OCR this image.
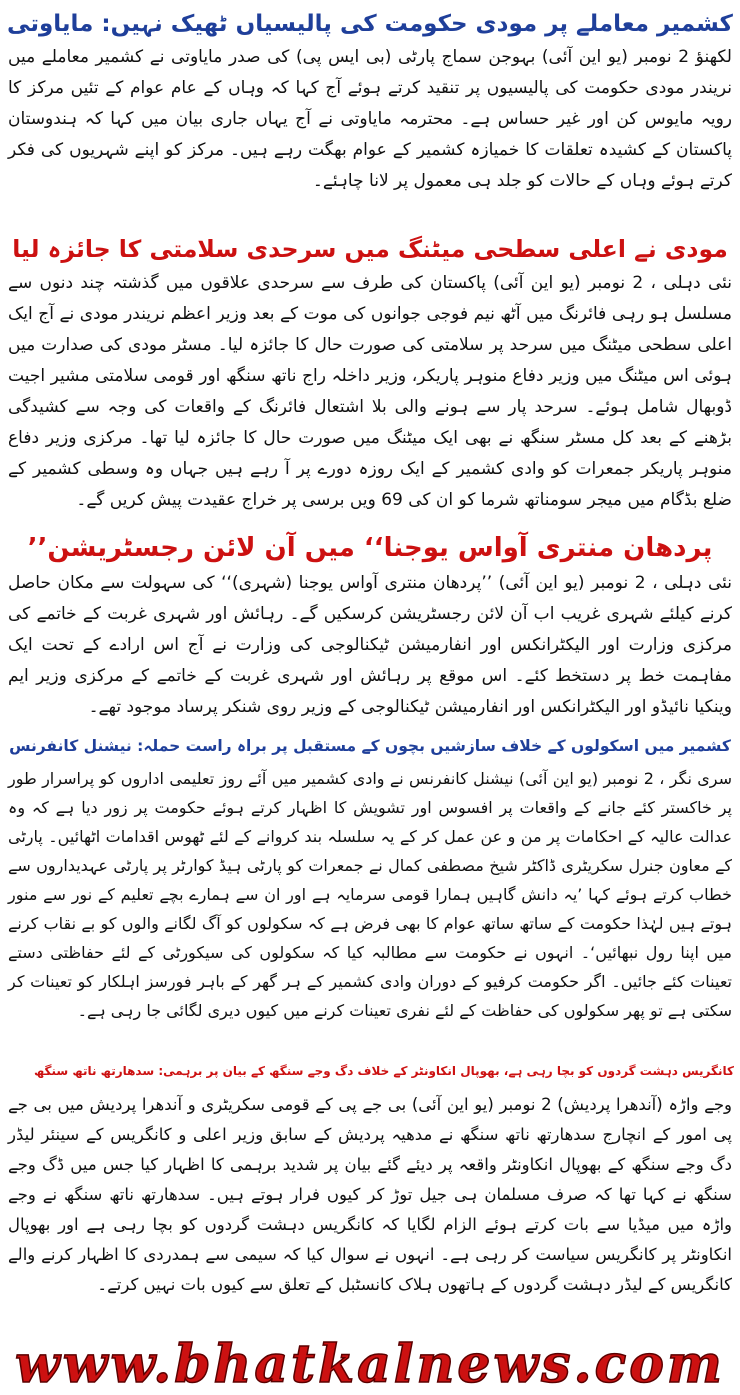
کشمیر معاملے پر مودی حکومت کی پالیسیاں ٹھیک نہیں: مایاوتی

لکھنؤ 2 نومبر (یو این آئی) بہوجن سماج پارٹی (بی ایس پی) کی صدر مایاوتی نے کشمیر معاملے میں نریندر مودی حکومت کی پالیسیوں پر تنقید کرتے ہوئے آج کہا کہ وہاں کے عام عوام کے تئیں مرکز کا رویہ مایوس کن اور غیر حساس ہے۔ محترمہ مایاوتی نے آج یہاں جاری بیان میں کہا کہ ہندوستان پاکستان کے کشیدہ تعلقات کا خمیازہ کشمیر کے عوام بھگت رہے ہیں۔ مرکز کو اپنے شہریوں کی فکر کرتے ہوئے وہاں کے حالات کو جلد ہی معمول پر لانا چاہئے۔

مودی نے اعلی سطحی میٹنگ میں سرحدی سلامتی کا جائزہ لیا

نئی دہلی ، 2 نومبر (یو این آئی) پاکستان کی طرف سے سرحدی علاقوں میں گذشتہ چند دنوں سے مسلسل ہو رہی فائرنگ میں آٹھ نیم فوجی جوانوں کی موت کے بعد وزیر اعظم نریندر مودی نے آج ایک اعلی سطحی میٹنگ میں سرحد پر سلامتی کی صورت حال کا جائزہ لیا۔ مسٹر مودی کی صدارت میں ہوئی اس میٹنگ میں وزیر دفاع منوہر پاریکر، وزیر داخلہ راج ناتھ سنگھ اور قومی سلامتی مشیر اجیت ڈوبھال شامل ہوئے۔ سرحد پار سے ہونے والی بلا اشتعال فائرنگ کے واقعات کی وجہ سے کشیدگی بڑھنے کے بعد کل مسٹر سنگھ نے بھی ایک میٹنگ میں صورت حال کا جائزہ لیا تھا۔ مرکزی وزیر دفاع منوہر پاریکر جمعرات کو وادی کشمیر کے ایک روزہ دورے پر آ رہے ہیں جہاں وہ وسطی کشمیر کے ضلع بڈگام میں میجر سومناتھ شرما کو ان کی 69 ویں برسی پر خراج عقیدت پیش کریں گے۔

’’پردھان منتری آواس یوجنا‘‘ میں آن لائن رجسٹریشن

نئی دہلی ، 2 نومبر (یو این آئی) ’’پردھان منتری آواس یوجنا (شہری)‘‘ کی سہولت سے مکان حاصل کرنے کیلئے شہری غریب اب آن لائن رجسٹریشن کرسکیں گے۔ رہائش اور شہری غربت کے خاتمے کی مرکزی وزارت اور الیکٹرانکس اور انفارمیشن ٹیکنالوجی کی وزارت نے آج اس ارادے کے تحت ایک مفاہمت خط پر دستخط کئے۔ اس موقع پر رہائش اور شہری غربت کے خاتمے کے مرکزی وزیر ایم وینکیا نائیڈو اور الیکٹرانکس اور انفارمیشن ٹیکنالوجی کے وزیر روی شنکر پرساد موجود تھے۔

کشمیر میں اسکولوں کے خلاف سازشیں بچوں کے مستقبل پر براہ راست حملہ: نیشنل کانفرنس

سری نگر ، 2 نومبر (یو این آئی) نیشنل کانفرنس نے وادی کشمیر میں آئے روز تعلیمی اداروں کو پراسرار طور پر خاکستر کئے جانے کے واقعات پر افسوس اور تشویش کا اظہار کرتے ہوئے حکومت پر زور دیا ہے کہ وہ عدالت عالیہ کے احکامات پر من و عن عمل کر کے یہ سلسلہ بند کروانے کے لئے ٹھوس اقدامات اٹھائیں۔ پارٹی کے معاون جنرل سکریٹری ڈاکٹر شیخ مصطفی کمال نے جمعرات کو پارٹی ہیڈ کوارٹر پر پارٹی عہدیداروں سے خطاب کرتے ہوئے کہا ’یہ دانش گاہیں ہمارا قومی سرمایہ ہے اور ان سے ہمارے بچے تعلیم کے نور سے منور ہوتے ہیں لہٰذا حکومت کے ساتھ ساتھ عوام کا بھی فرض ہے کہ سکولوں کو آگ لگانے والوں کو بے نقاب کرنے میں اپنا رول نبھائیں‘۔ انہوں نے حکومت سے مطالبہ کیا کہ سکولوں کی سیکورٹی کے لئے حفاظتی دستے تعینات کئے جائیں۔ اگر حکومت کرفیو کے دوران وادی کشمیر کے ہر گھر کے باہر فورسز اہلکار کو تعینات کر سکتی ہے تو پھر سکولوں کی حفاظت کے لئے نفری تعینات کرنے میں کیوں دیری لگائی جا رہی ہے۔

کانگریس دہشت گردوں کو بچا رہی ہے، بھوپال انکاونٹر کے خلاف دگ وجے سنگھ کے بیان پر برہمی: سدھارتھ ناتھ سنگھ

وجے واڑہ (آندھرا پردیش) 2 نومبر (یو این آئی) بی جے پی کے قومی سکریٹری و آندھرا پردیش میں بی جے پی امور کے انچارج سدھارتھ ناتھ سنگھ نے مدھیہ پردیش کے سابق وزیر اعلی و کانگریس کے سینئر لیڈر دگ وجے سنگھ کے بھوپال انکاونٹر واقعہ پر دیئے گئے بیان پر شدید برہمی کا اظہار کیا جس میں ڈگ وجے سنگھ نے کہا تھا کہ صرف مسلمان ہی جیل توڑ کر کیوں فرار ہوتے ہیں۔ سدھارتھ ناتھ سنگھ نے وجے واڑہ میں میڈیا سے بات کرتے ہوئے الزام لگایا کہ کانگریس دہشت گردوں کو بچا رہی ہے اور بھوپال انکاونٹر پر کانگریس سیاست کر رہی ہے۔ انہوں نے سوال کیا کہ سیمی سے ہمدردی کا اظہار کرنے والے کانگریس کے لیڈر دہشت گردوں کے ہاتھوں ہلاک کانسٹبل کے تعلق سے کیوں بات نہیں کرتے۔

www.bhatkalnews.com
